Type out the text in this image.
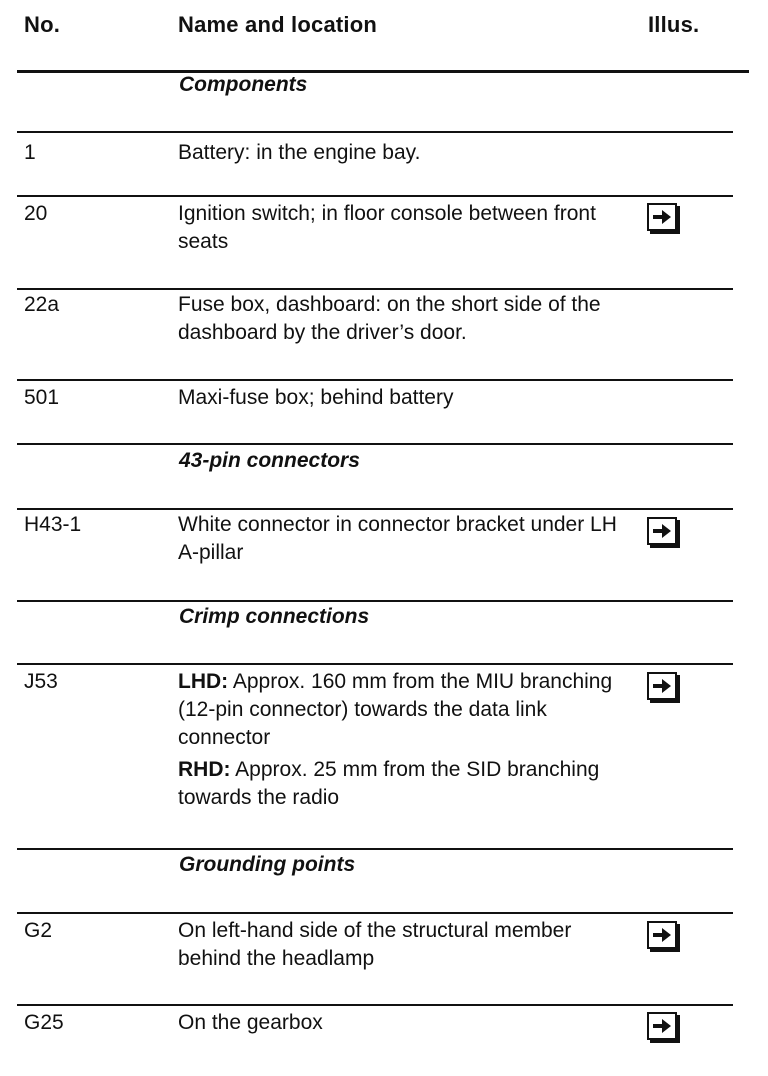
No.	Name and location	Illus.
Components
1	Battery: in the engine bay.
20	Ignition switch; in floor console between front seats
22a	Fuse box, dashboard: on the short side of the dashboard by the driver’s door.
501	Maxi-fuse box; behind battery
43-pin connectors
H43-1	White connector in connector bracket under LH A-pillar
Crimp connections
J53	LHD: Approx. 160 mm from the MIU branching (12-pin connector) towards the data link connector

RHD: Approx. 25 mm from the SID branching towards the radio

Grounding points
G2	On left-hand side of the structural member behind the headlamp
G25	On the gearbox
